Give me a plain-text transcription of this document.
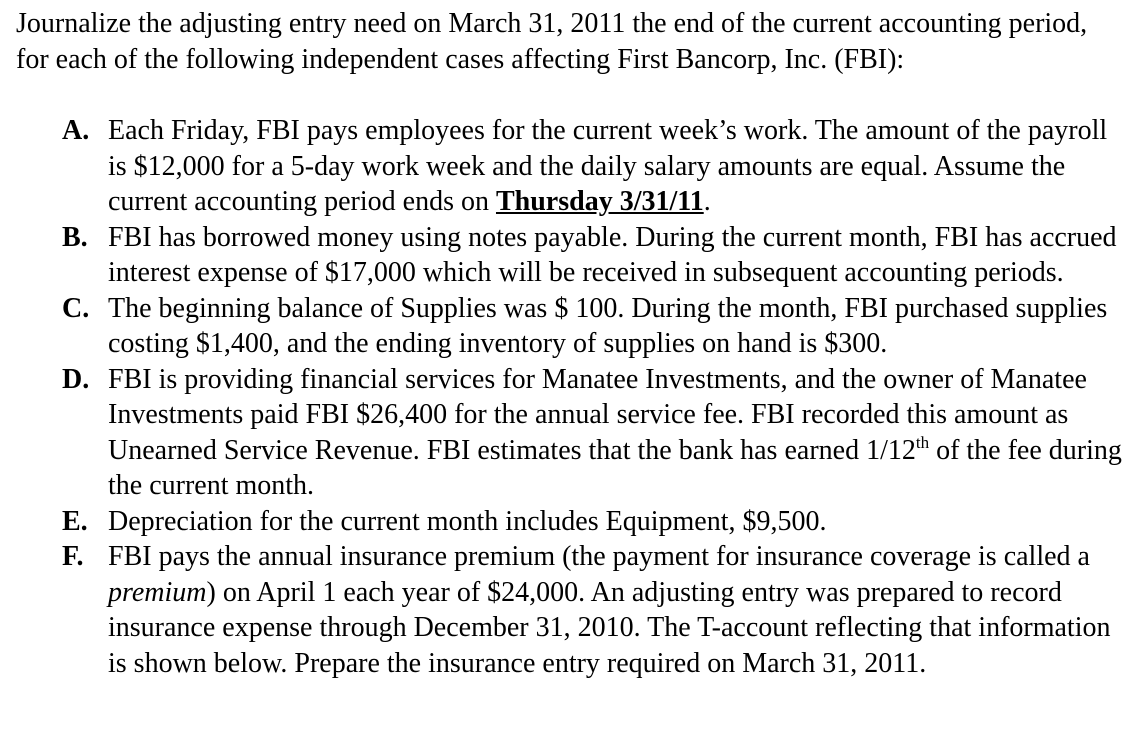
Journalize the adjusting entry need on March 31, 2011 the end of the current accounting period, for each of the following independent cases affecting First Bancorp, Inc. (FBI):

A. Each Friday, FBI pays employees for the current week’s work. The amount of the payroll is $12,000 for a 5-day work week and the daily salary amounts are equal. Assume the current accounting period ends on Thursday 3/31/11.
B. FBI has borrowed money using notes payable. During the current month, FBI has accrued interest expense of $17,000 which will be received in subsequent accounting periods.
C. The beginning balance of Supplies was $ 100. During the month, FBI purchased supplies costing $1,400, and the ending inventory of supplies on hand is $300.
D. FBI is providing financial services for Manatee Investments, and the owner of Manatee Investments paid FBI $26,400 for the annual service fee. FBI recorded this amount as Unearned Service Revenue. FBI estimates that the bank has earned 1/12th of the fee during the current month.
E. Depreciation for the current month includes Equipment, $9,500.
F. FBI pays the annual insurance premium (the payment for insurance coverage is called a premium) on April 1 each year of $24,000. An adjusting entry was prepared to record insurance expense through December 31, 2010. The T-account reflecting that information is shown below. Prepare the insurance entry required on March 31, 2011.
